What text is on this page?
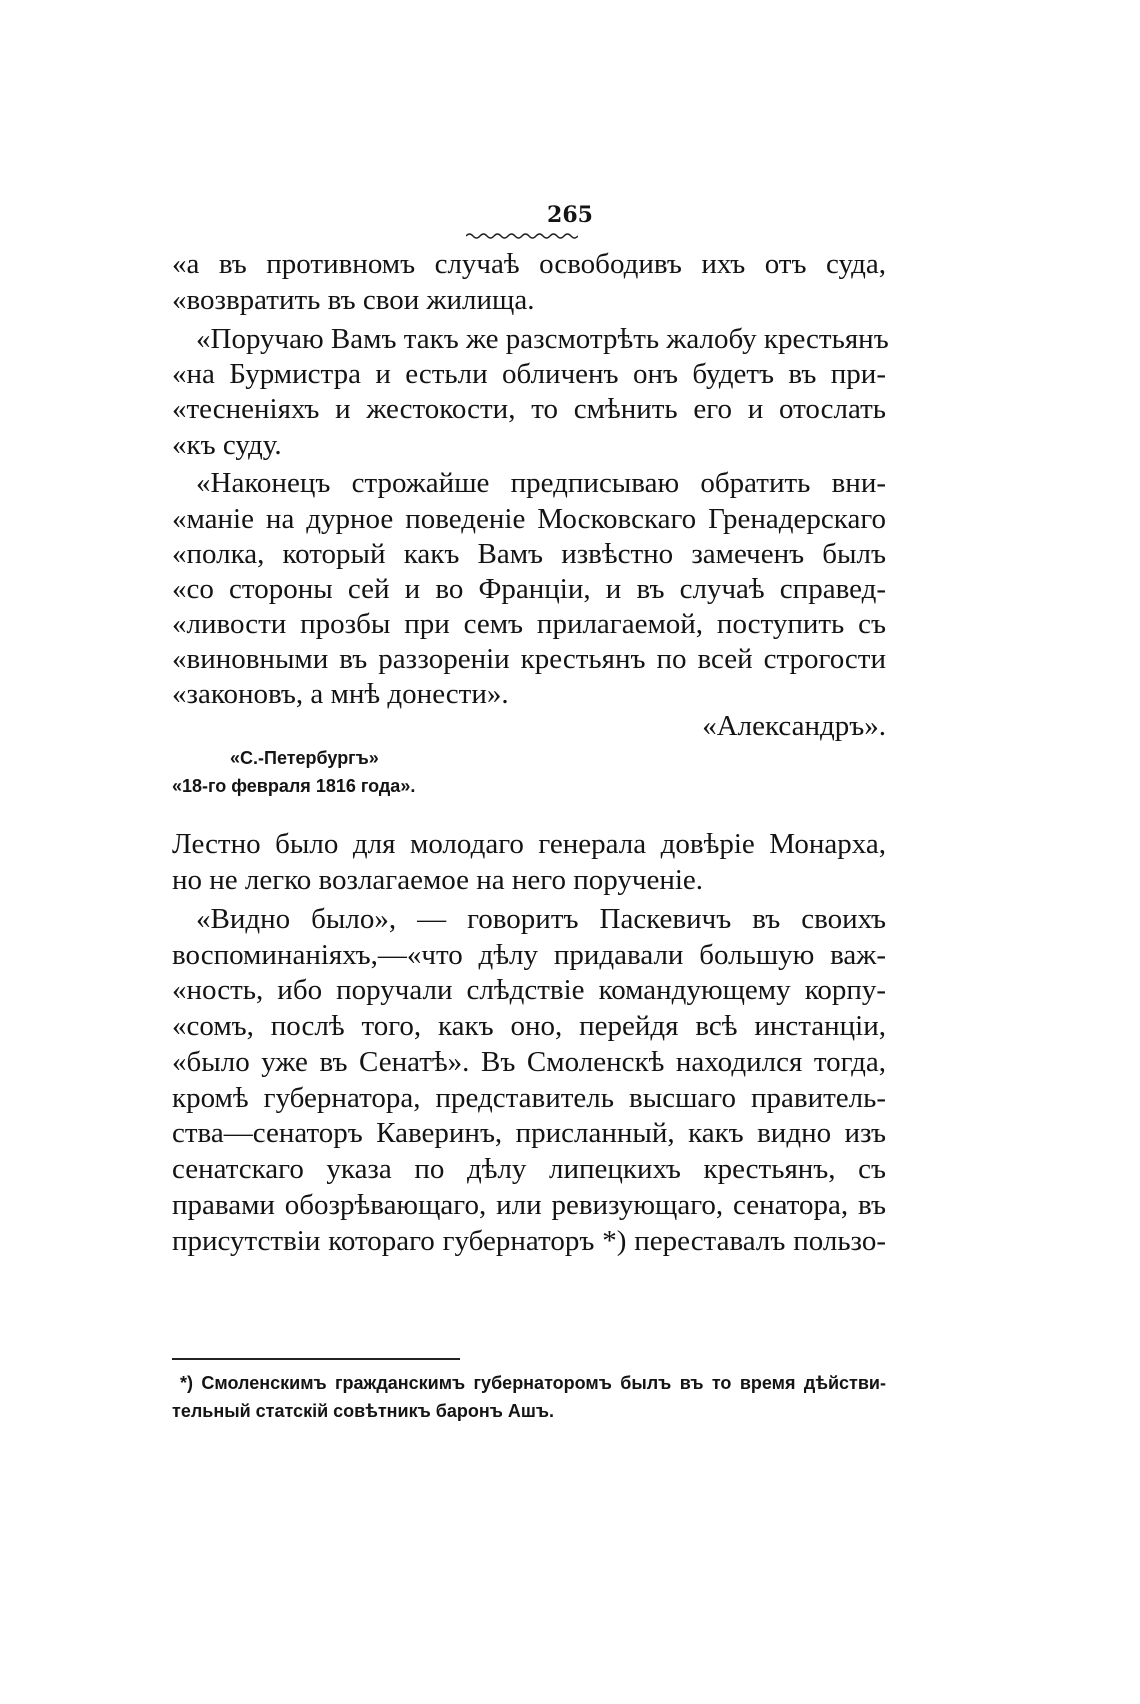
265
«а въ противномъ случаѣ освободивъ ихъ отъ суда,
«возвратить въ свои жилища.
«Поручаю Вамъ такъ же разсмотрѣть жалобу крестьянъ
«на Бурмистра и естьли обличенъ онъ будетъ въ при-
«тесненіяхъ и жестокости, то смѣнить его и отослать
«къ суду.
«Наконецъ строжайше предписываю обратить вни-
«маніе на дурное поведеніе Московскаго Гренадерскаго
«полка, который какъ Вамъ извѣстно замеченъ былъ
«со стороны сей и во Франціи, и въ случаѣ справед-
«ливости прозбы при семъ прилагаемой, поступить съ
«виновными въ раззореніи крестьянъ по всей строгости
«законовъ, а мнѣ донести».
«Александръ».
«С.-Петербургъ»
«18-го февраля 1816 года».
Лестно было для молодаго генерала довѣріе Монарха,
но не легко возлагаемое на него порученіе.
«Видно было», — говоритъ Паскевичъ въ своихъ
воспоминаніяхъ,—«что дѣлу придавали большую важ-
«ность, ибо поручали слѣдствіе командующему корпу-
«сомъ, послѣ того, какъ оно, перейдя всѣ инстанціи,
«было уже въ Сенатѣ». Въ Смоленскѣ находился тогда,
кромѣ губернатора, представитель высшаго правитель-
ства—сенаторъ Каверинъ, присланный, какъ видно изъ
сенатскаго указа по дѣлу липецкихъ крестьянъ, съ
правами обозрѣвающаго, или ревизующаго, сенатора, въ
присутствіи котораго губернаторъ *) переставалъ пользо-
*) Смоленскимъ гражданскимъ губернаторомъ былъ въ то время дѣйстви-
тельный статскій совѣтникъ баронъ Ашъ.
